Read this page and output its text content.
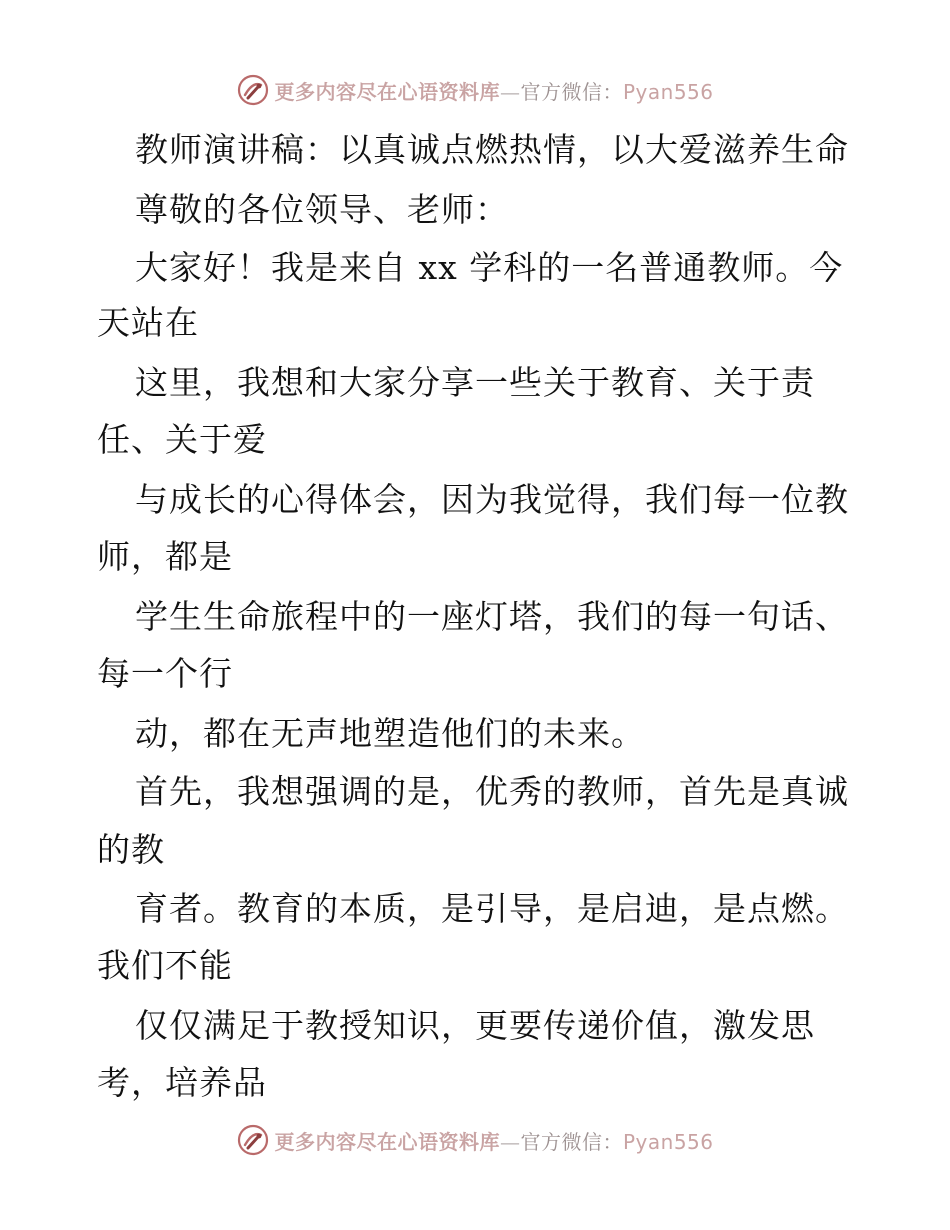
更多内容尽在心语资料库—官方微信：Pyan556
教师演讲稿：以真诚点燃热情，以大爱滋养生命
尊敬的各位领导、老师：
大家好！我是来自 xx 学科的一名普通教师。今
天站在
这里，我想和大家分享一些关于教育、关于责
任、关于爱
与成长的心得体会，因为我觉得，我们每一位教
师，都是
学生生命旅程中的一座灯塔，我们的每一句话、
每一个行
动，都在无声地塑造他们的未来。
首先，我想强调的是，优秀的教师，首先是真诚
的教
育者。教育的本质，是引导，是启迪，是点燃。
我们不能
仅仅满足于教授知识，更要传递价值，激发思
考，培养品
更多内容尽在心语资料库—官方微信：Pyan556
